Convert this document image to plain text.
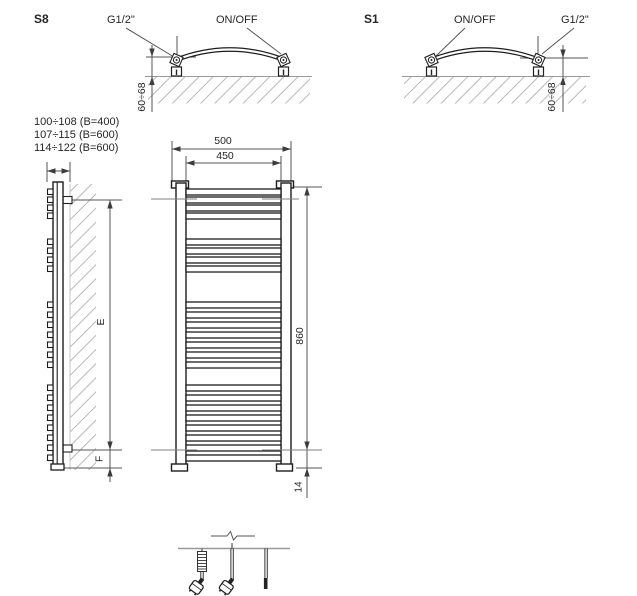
S8	G1/2"	ON/OFF	S1	ON/OFF	G1/2"
60÷68	60÷68
100÷108 (B=400)
107÷115 (B=600)
114÷122 (B=600)
E
F
500
450
860
14
